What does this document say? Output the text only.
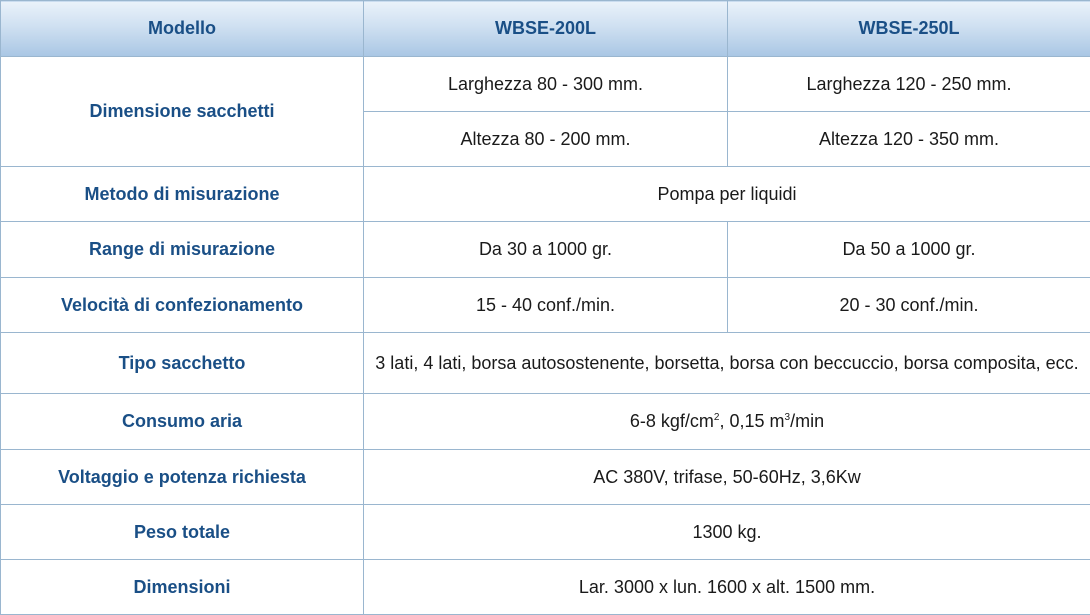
Modello	WBSE-200L	WBSE-250L
Dimensione sacchetti	Larghezza 80 - 300 mm.	Larghezza 120 - 250 mm.
	Altezza 80 - 200 mm.	Altezza 120 - 350 mm.
Metodo di misurazione	Pompa per liquidi	
Range di misurazione	Da 30 a 1000 gr.	Da 50 a 1000 gr.
Velocità di confezionamento	15 - 40 conf./min.	20 - 30 conf./min.
Tipo sacchetto	3 lati, 4 lati, borsa autosostenente, borsetta, borsa con beccuccio, borsa composita, ecc.	
Consumo aria	6-8 kgf/$cm^2$, 0,15 $m^3/\min$	
Voltaggio e potenza richiesta	AC 380V, trifase, 50-60Hz, 3,6Kw	
Peso totale	1300 kg.	
Dimensioni	Lar. 3000 x lun. 1600 x alt. 1500 mm.	
